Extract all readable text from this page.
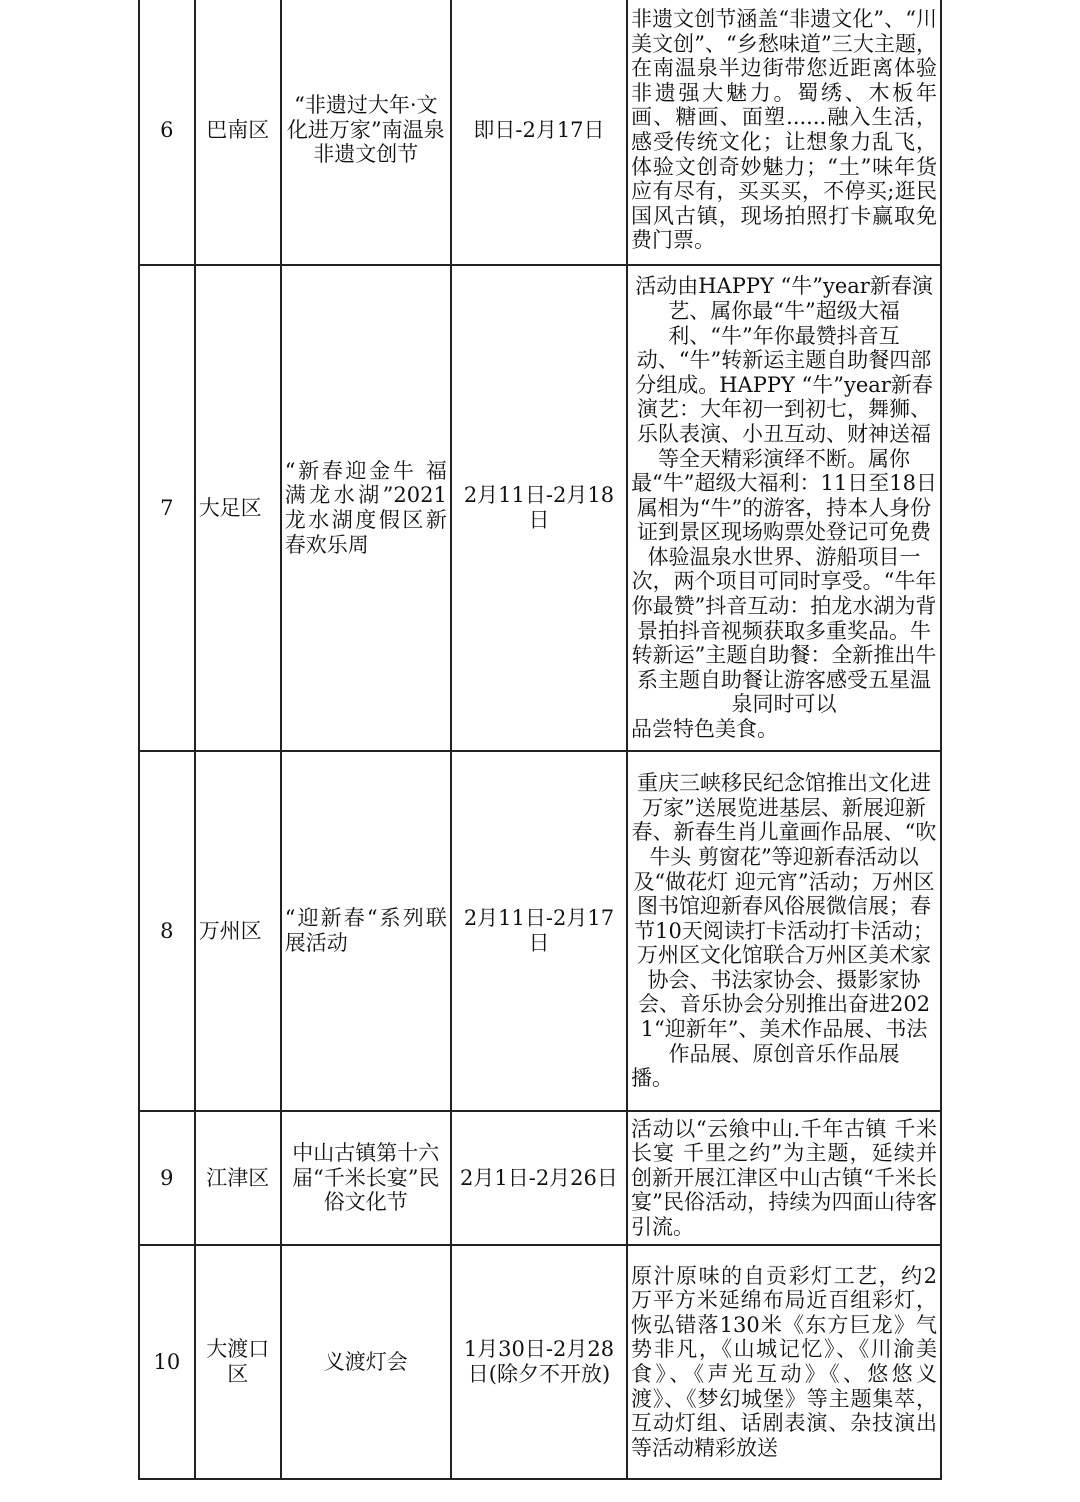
6	巴南区	“非遗过大年·文化进万家”南温泉非遗文创节	即日-2月17日	非遗文创节涵盖“非遗文化”、“川美文创”、“乡愁味道”三大主题，在南温泉半边街带您近距离体验非遗强大魅力。蜀绣、木板年画、糖画、面塑......融入生活，感受传统文化；让想象力乱飞，体验文创奇妙魅力；“土”味年货应有尽有，买买买，不停买;逛民国风古镇，现场拍照打卡赢取免费门票。
7	大足区	“新春迎金牛 福满龙水湖”2021龙水湖度假区新春欢乐周	2月11日-2月18日	活动由HAPPY “牛”year新春演艺、属你最“牛”超级大福利、“牛”年你最赞抖音互动、“牛”转新运主题自助餐四部分组成。HAPPY “牛”year新春演艺：大年初一到初七，舞狮、乐队表演、小丑互动、财神送福等全天精彩演绎不断。属你最“牛”超级大福利：11日至18日属相为“牛”的游客，持本人身份证到景区现场购票处登记可免费体验温泉水世界、游船项目一次，两个项目可同时享受。“牛年你最赞”抖音互动：拍龙水湖为背景拍抖音视频获取多重奖品。牛转新运”主题自助餐：全新推出牛系主题自助餐让游客感受五星温泉同时可以
品尝特色美食。

8	万州区	“迎新春“系列联展活动	2月11日-2月17日	重庆三峡移民纪念馆推出文化进万家”送展览进基层、新展迎新春、新春生肖儿童画作品展、“吹牛头 剪窗花”等迎新春活动以及“做花灯 迎元宵”活动；万州区图书馆迎新春风俗展微信展；春节10天阅读打卡活动打卡活动；万州区文化馆联合万州区美术家协会、书法家协会、摄影家协会、音乐协会分别推出奋进2021“迎新年”、美术作品展、书法作品展、原创音乐作品展
播。

9	江津区	中山古镇第十六届“千米长宴”民俗文化节	2月1日-2月26日	活动以“云飨中山.千年古镇 千米长宴 千里之约”为主题，延续并创新开展江津区中山古镇“千米长宴”民俗活动，持续为四面山待客引流。
10	大渡口区	义渡灯会	1月30日-2月28日(除夕不开放)	原汁原味的自贡彩灯工艺，约2万平方米延绵布局近百组彩灯，恢弘错落130米《东方巨龙》气势非凡，《山城记忆》、《川渝美食》、《声光互动》《、悠悠义渡》、《梦幻城堡》等主题集萃，互动灯组、话剧表演、杂技演出等活动精彩放送
